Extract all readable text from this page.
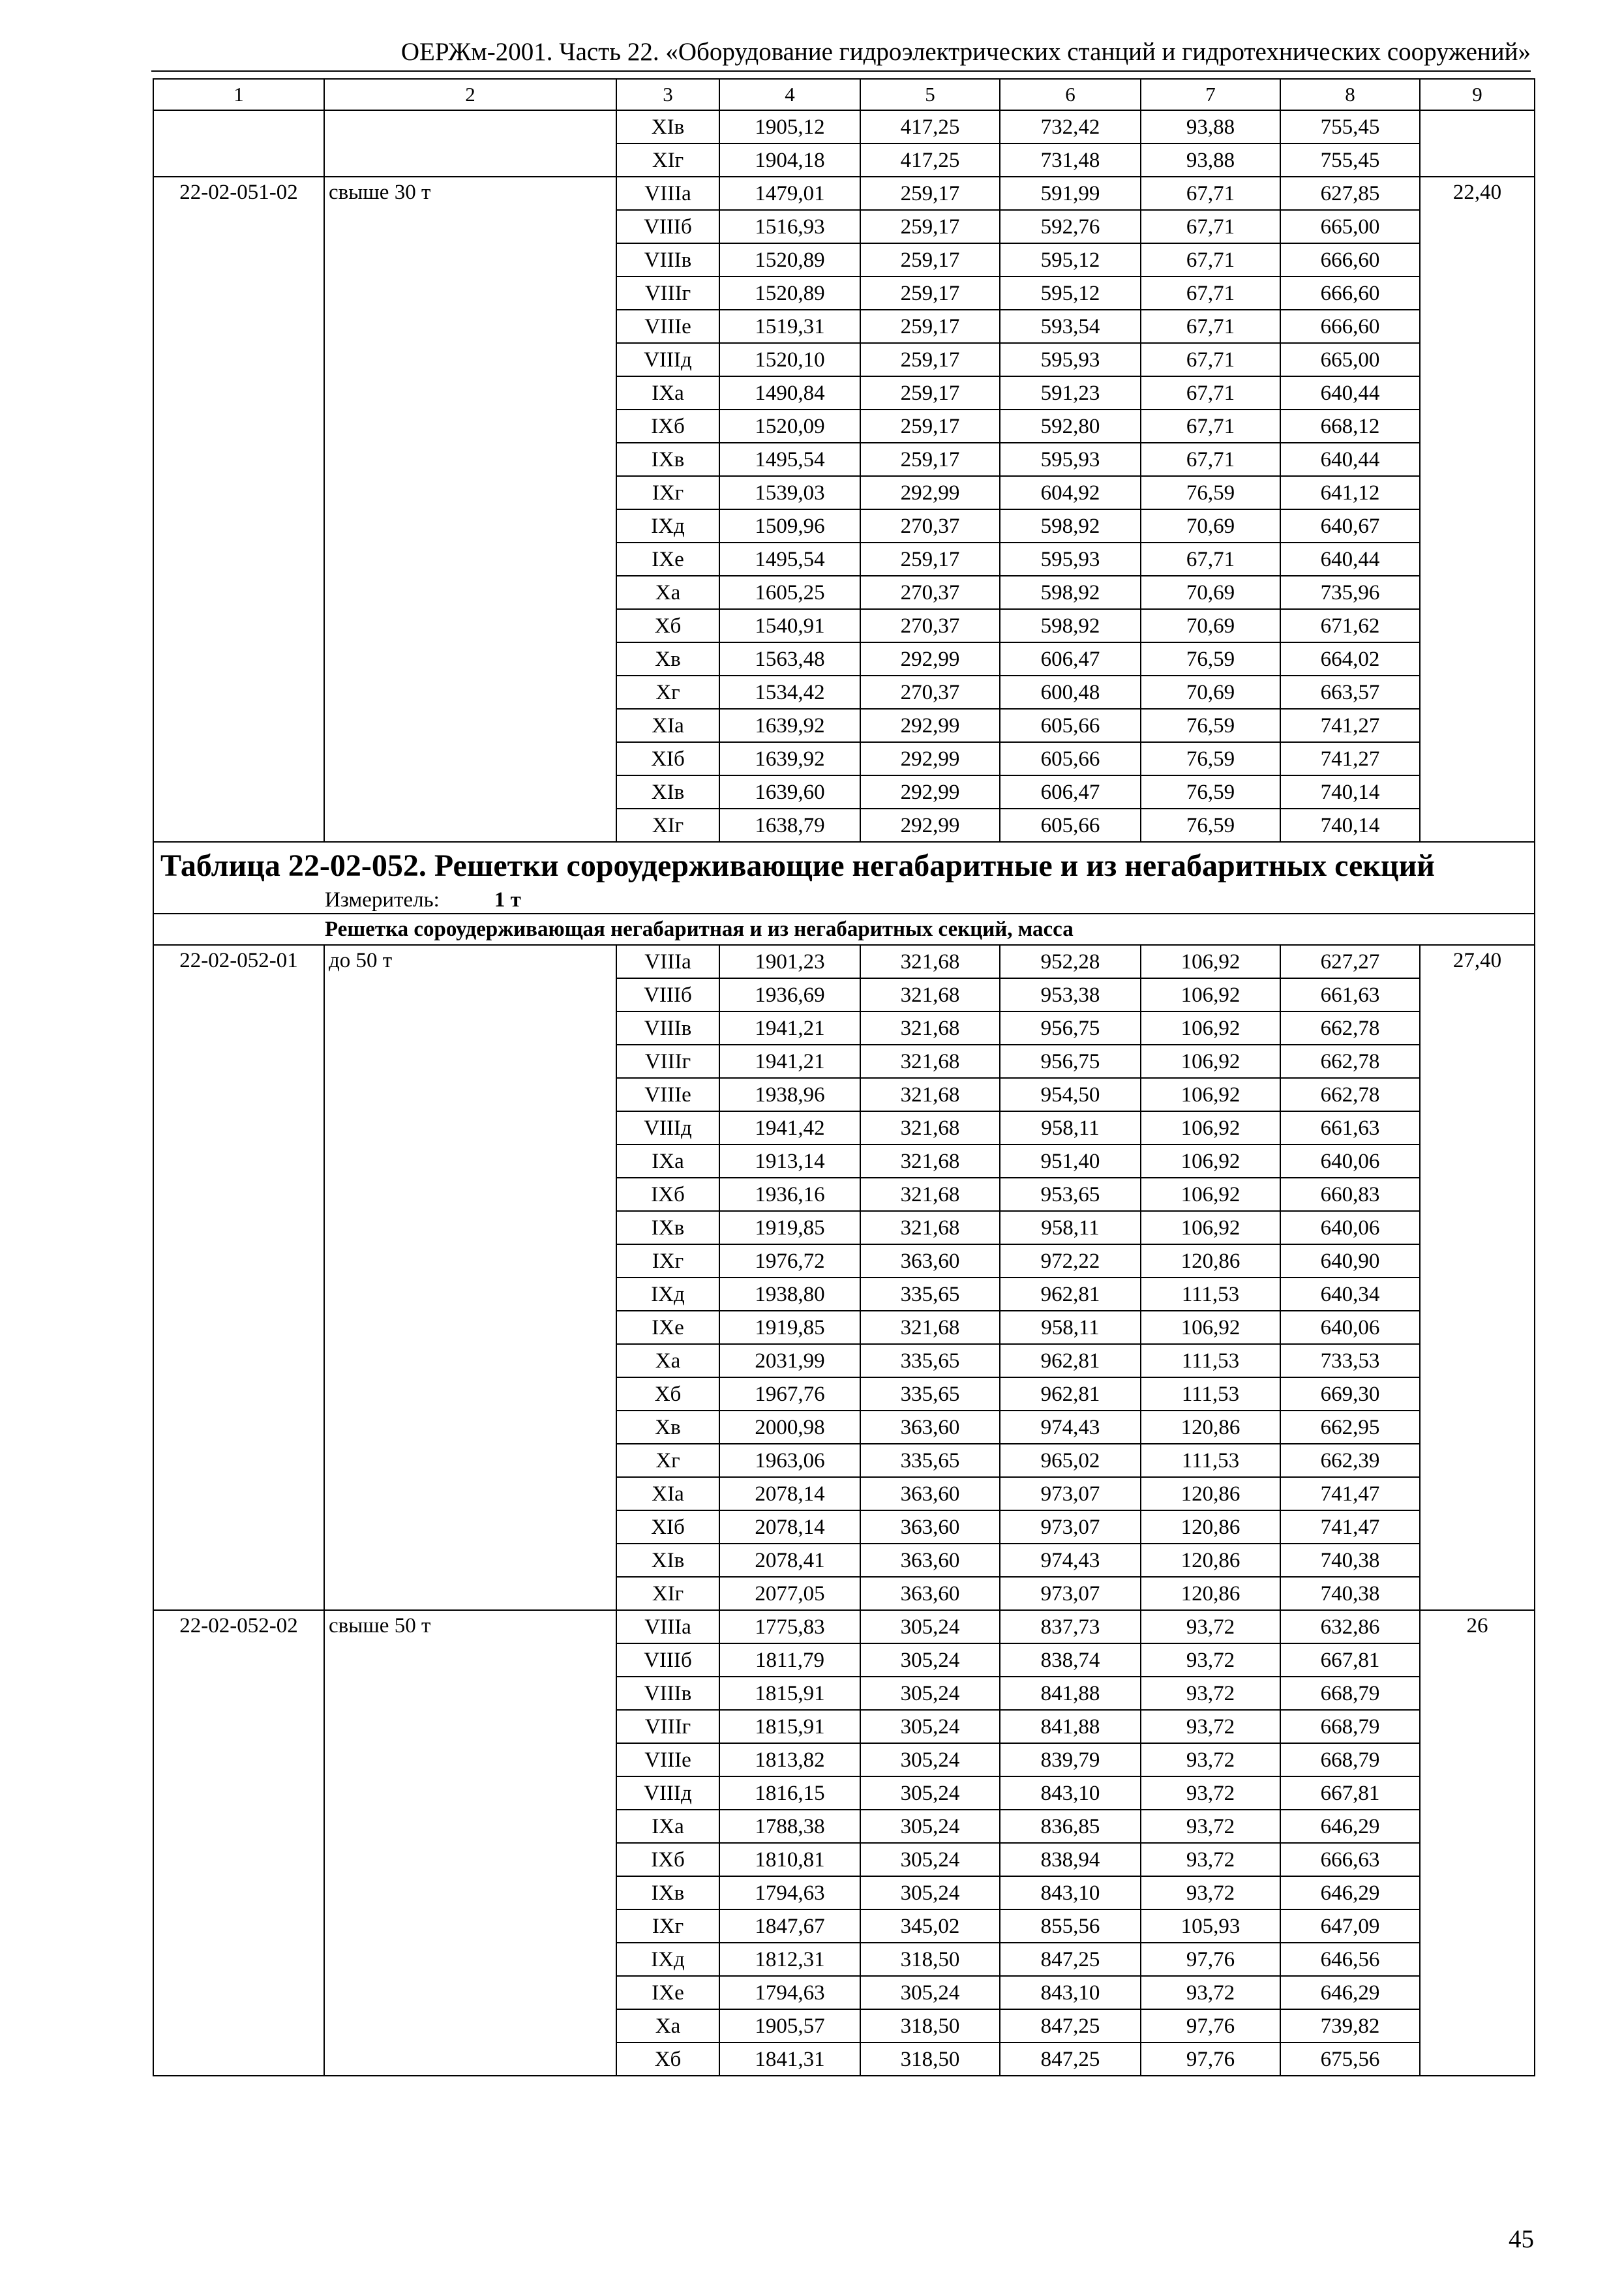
ОЕРЖм-2001. Часть 22. «Оборудование гидроэлектрических станций и гидротехнических сооружений»
1	2	3	4	5	6	7	8	9
		XIв	1905,12	417,25	732,42	93,88	755,45	
		XIг	1904,18	417,25	731,48	93,88	755,45	
22-02-051-02	свыше 30 т	VIIIа	1479,01	259,17	591,99	67,71	627,85	22,40
		VIIIб	1516,93	259,17	592,76	67,71	665,00	
		VIIIв	1520,89	259,17	595,12	67,71	666,60	
		VIIIг	1520,89	259,17	595,12	67,71	666,60	
		VIIIе	1519,31	259,17	593,54	67,71	666,60	
		VIIIд	1520,10	259,17	595,93	67,71	665,00	
		IXа	1490,84	259,17	591,23	67,71	640,44	
		IXб	1520,09	259,17	592,80	67,71	668,12	
		IXв	1495,54	259,17	595,93	67,71	640,44	
		IXг	1539,03	292,99	604,92	76,59	641,12	
		IXд	1509,96	270,37	598,92	70,69	640,67	
		IXе	1495,54	259,17	595,93	67,71	640,44	
		Xа	1605,25	270,37	598,92	70,69	735,96	
		Xб	1540,91	270,37	598,92	70,69	671,62	
		Xв	1563,48	292,99	606,47	76,59	664,02	
		Xг	1534,42	270,37	600,48	70,69	663,57	
		XIа	1639,92	292,99	605,66	76,59	741,27	
		XIб	1639,92	292,99	605,66	76,59	741,27	
		XIв	1639,60	292,99	606,47	76,59	740,14	
		XIг	1638,79	292,99	605,66	76,59	740,14	
Таблица 22-02-052. Решетки сороудерживающие негабаритные и из негабаритных секций								
Измеритель: 1 т								
Решетка сороудерживающая негабаритная и из негабаритных секций, масса								
22-02-052-01	до 50 т	VIIIа	1901,23	321,68	952,28	106,92	627,27	27,40
		VIIIб	1936,69	321,68	953,38	106,92	661,63	
		VIIIв	1941,21	321,68	956,75	106,92	662,78	
		VIIIг	1941,21	321,68	956,75	106,92	662,78	
		VIIIе	1938,96	321,68	954,50	106,92	662,78	
		VIIIд	1941,42	321,68	958,11	106,92	661,63	
		IXа	1913,14	321,68	951,40	106,92	640,06	
		IXб	1936,16	321,68	953,65	106,92	660,83	
		IXв	1919,85	321,68	958,11	106,92	640,06	
		IXг	1976,72	363,60	972,22	120,86	640,90	
		IXд	1938,80	335,65	962,81	111,53	640,34	
		IXе	1919,85	321,68	958,11	106,92	640,06	
		Xа	2031,99	335,65	962,81	111,53	733,53	
		Xб	1967,76	335,65	962,81	111,53	669,30	
		Xв	2000,98	363,60	974,43	120,86	662,95	
		Xг	1963,06	335,65	965,02	111,53	662,39	
		XIа	2078,14	363,60	973,07	120,86	741,47	
		XIб	2078,14	363,60	973,07	120,86	741,47	
		XIв	2078,41	363,60	974,43	120,86	740,38	
		XIг	2077,05	363,60	973,07	120,86	740,38	
22-02-052-02	свыше 50 т	VIIIа	1775,83	305,24	837,73	93,72	632,86	26
		VIIIб	1811,79	305,24	838,74	93,72	667,81	
		VIIIв	1815,91	305,24	841,88	93,72	668,79	
		VIIIг	1815,91	305,24	841,88	93,72	668,79	
		VIIIе	1813,82	305,24	839,79	93,72	668,79	
		VIIIд	1816,15	305,24	843,10	93,72	667,81	
		IXа	1788,38	305,24	836,85	93,72	646,29	
		IXб	1810,81	305,24	838,94	93,72	666,63	
		IXв	1794,63	305,24	843,10	93,72	646,29	
		IXг	1847,67	345,02	855,56	105,93	647,09	
		IXд	1812,31	318,50	847,25	97,76	646,56	
		IXе	1794,63	305,24	843,10	93,72	646,29	
		Xа	1905,57	318,50	847,25	97,76	739,82	
		Xб	1841,31	318,50	847,25	97,76	675,56	
45
